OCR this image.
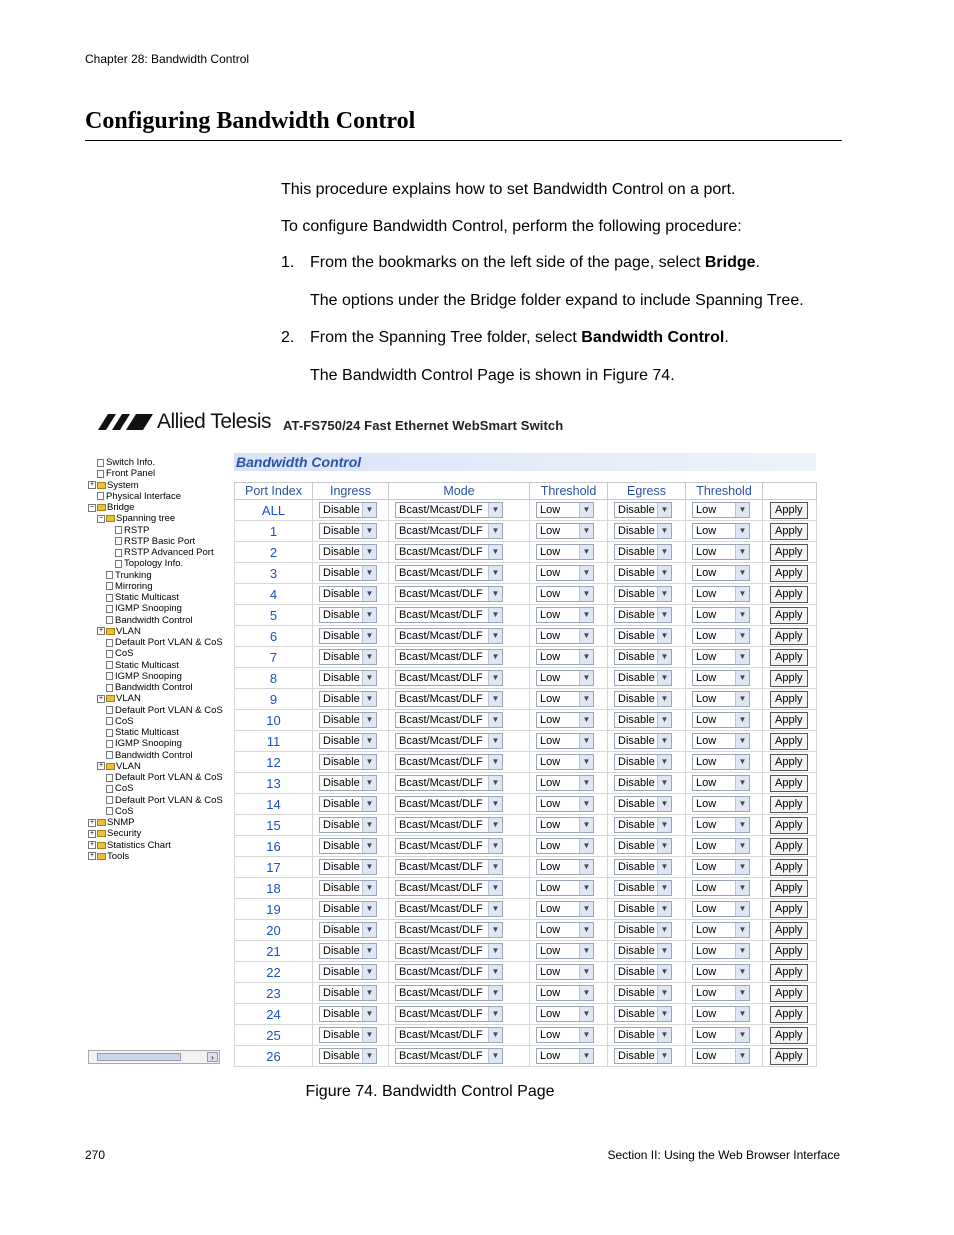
Chapter 28: Bandwidth Control
Configuring Bandwidth Control
This procedure explains how to set Bandwidth Control on a port.
To configure Bandwidth Control, perform the following procedure:
1. From the bookmarks on the left side of the page, select Bridge.
The options under the Bridge folder expand to include Spanning Tree.
2. From the Spanning Tree folder, select Bandwidth Control.
The Bandwidth Control Page is shown in Figure 74.
Allied Telesis AT-FS750/24 Fast Ethernet WebSmart Switch
Switch Info.
Front Panel
+ System
Physical Interface
− Bridge
− Spanning tree
RSTP
RSTP Basic Port
RSTP Advanced Port
Topology Info.
Trunking
Mirroring
Static Multicast
IGMP Snooping
Bandwidth Control
+ VLAN
Default Port VLAN & CoS
CoS
Static Multicast
IGMP Snooping
Bandwidth Control
+ VLAN
Default Port VLAN & CoS
CoS
Static Multicast
IGMP Snooping
Bandwidth Control
+ VLAN
Default Port VLAN & CoS
CoS
Default Port VLAN & CoS
CoS
+ SNMP
+ Security
+ Statistics Chart
+ Tools
›
Bandwidth Control
Port Index	Ingress	Mode	Threshold	Egress	Threshold	
ALL	Disable ▼	Bcast/Mcast/DLF ▼	Low ▼	Disable ▼	Low ▼	Apply
1	Disable ▼	Bcast/Mcast/DLF ▼	Low ▼	Disable ▼	Low ▼	Apply
2	Disable ▼	Bcast/Mcast/DLF ▼	Low ▼	Disable ▼	Low ▼	Apply
3	Disable ▼	Bcast/Mcast/DLF ▼	Low ▼	Disable ▼	Low ▼	Apply
4	Disable ▼	Bcast/Mcast/DLF ▼	Low ▼	Disable ▼	Low ▼	Apply
5	Disable ▼	Bcast/Mcast/DLF ▼	Low ▼	Disable ▼	Low ▼	Apply
6	Disable ▼	Bcast/Mcast/DLF ▼	Low ▼	Disable ▼	Low ▼	Apply
7	Disable ▼	Bcast/Mcast/DLF ▼	Low ▼	Disable ▼	Low ▼	Apply
8	Disable ▼	Bcast/Mcast/DLF ▼	Low ▼	Disable ▼	Low ▼	Apply
9	Disable ▼	Bcast/Mcast/DLF ▼	Low ▼	Disable ▼	Low ▼	Apply
10	Disable ▼	Bcast/Mcast/DLF ▼	Low ▼	Disable ▼	Low ▼	Apply
11	Disable ▼	Bcast/Mcast/DLF ▼	Low ▼	Disable ▼	Low ▼	Apply
12	Disable ▼	Bcast/Mcast/DLF ▼	Low ▼	Disable ▼	Low ▼	Apply
13	Disable ▼	Bcast/Mcast/DLF ▼	Low ▼	Disable ▼	Low ▼	Apply
14	Disable ▼	Bcast/Mcast/DLF ▼	Low ▼	Disable ▼	Low ▼	Apply
15	Disable ▼	Bcast/Mcast/DLF ▼	Low ▼	Disable ▼	Low ▼	Apply
16	Disable ▼	Bcast/Mcast/DLF ▼	Low ▼	Disable ▼	Low ▼	Apply
17	Disable ▼	Bcast/Mcast/DLF ▼	Low ▼	Disable ▼	Low ▼	Apply
18	Disable ▼	Bcast/Mcast/DLF ▼	Low ▼	Disable ▼	Low ▼	Apply
19	Disable ▼	Bcast/Mcast/DLF ▼	Low ▼	Disable ▼	Low ▼	Apply
20	Disable ▼	Bcast/Mcast/DLF ▼	Low ▼	Disable ▼	Low ▼	Apply
21	Disable ▼	Bcast/Mcast/DLF ▼	Low ▼	Disable ▼	Low ▼	Apply
22	Disable ▼	Bcast/Mcast/DLF ▼	Low ▼	Disable ▼	Low ▼	Apply
23	Disable ▼	Bcast/Mcast/DLF ▼	Low ▼	Disable ▼	Low ▼	Apply
24	Disable ▼	Bcast/Mcast/DLF ▼	Low ▼	Disable ▼	Low ▼	Apply
25	Disable ▼	Bcast/Mcast/DLF ▼	Low ▼	Disable ▼	Low ▼	Apply
26	Disable ▼	Bcast/Mcast/DLF ▼	Low ▼	Disable ▼	Low ▼	Apply
Figure 74. Bandwidth Control Page
270	Section II: Using the Web Browser Interface
